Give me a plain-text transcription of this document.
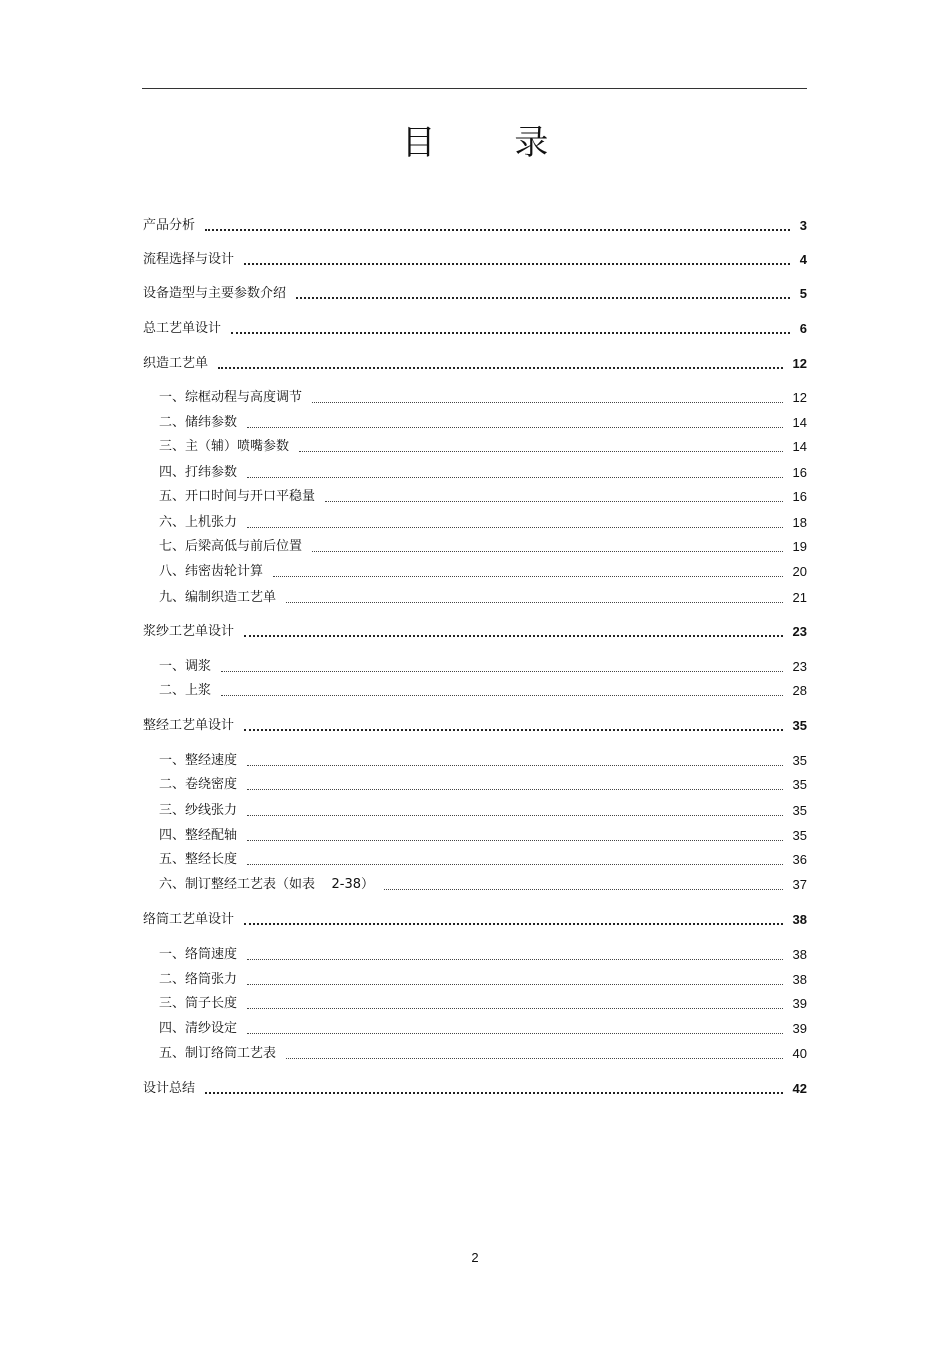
目 录
产品分析	3
流程选择与设计	4
设备造型与主要参数介绍	5
总工艺单设计	6
织造工艺单	12
一、综框动程与高度调节	12
二、储纬参数	14
三、主（辅）喷嘴参数	14
四、打纬参数	16
五、开口时间与开口平稳量	16
六、上机张力	18
七、后梁高低与前后位置	19
八、纬密齿轮计算	20
九、编制织造工艺单	21
浆纱工艺单设计	23
一、调浆	23
二、上浆	28
整经工艺单设计	35
一、整经速度	35
二、卷绕密度	35
三、纱线张力	35
四、整经配轴	35
五、整经长度	36
六、制订整经工艺表（如表    2-38）	37
络筒工艺单设计	38
一、络筒速度	38
二、络筒张力	38
三、筒子长度	39
四、清纱设定	39
五、制订络筒工艺表	40
设计总结	42
2
